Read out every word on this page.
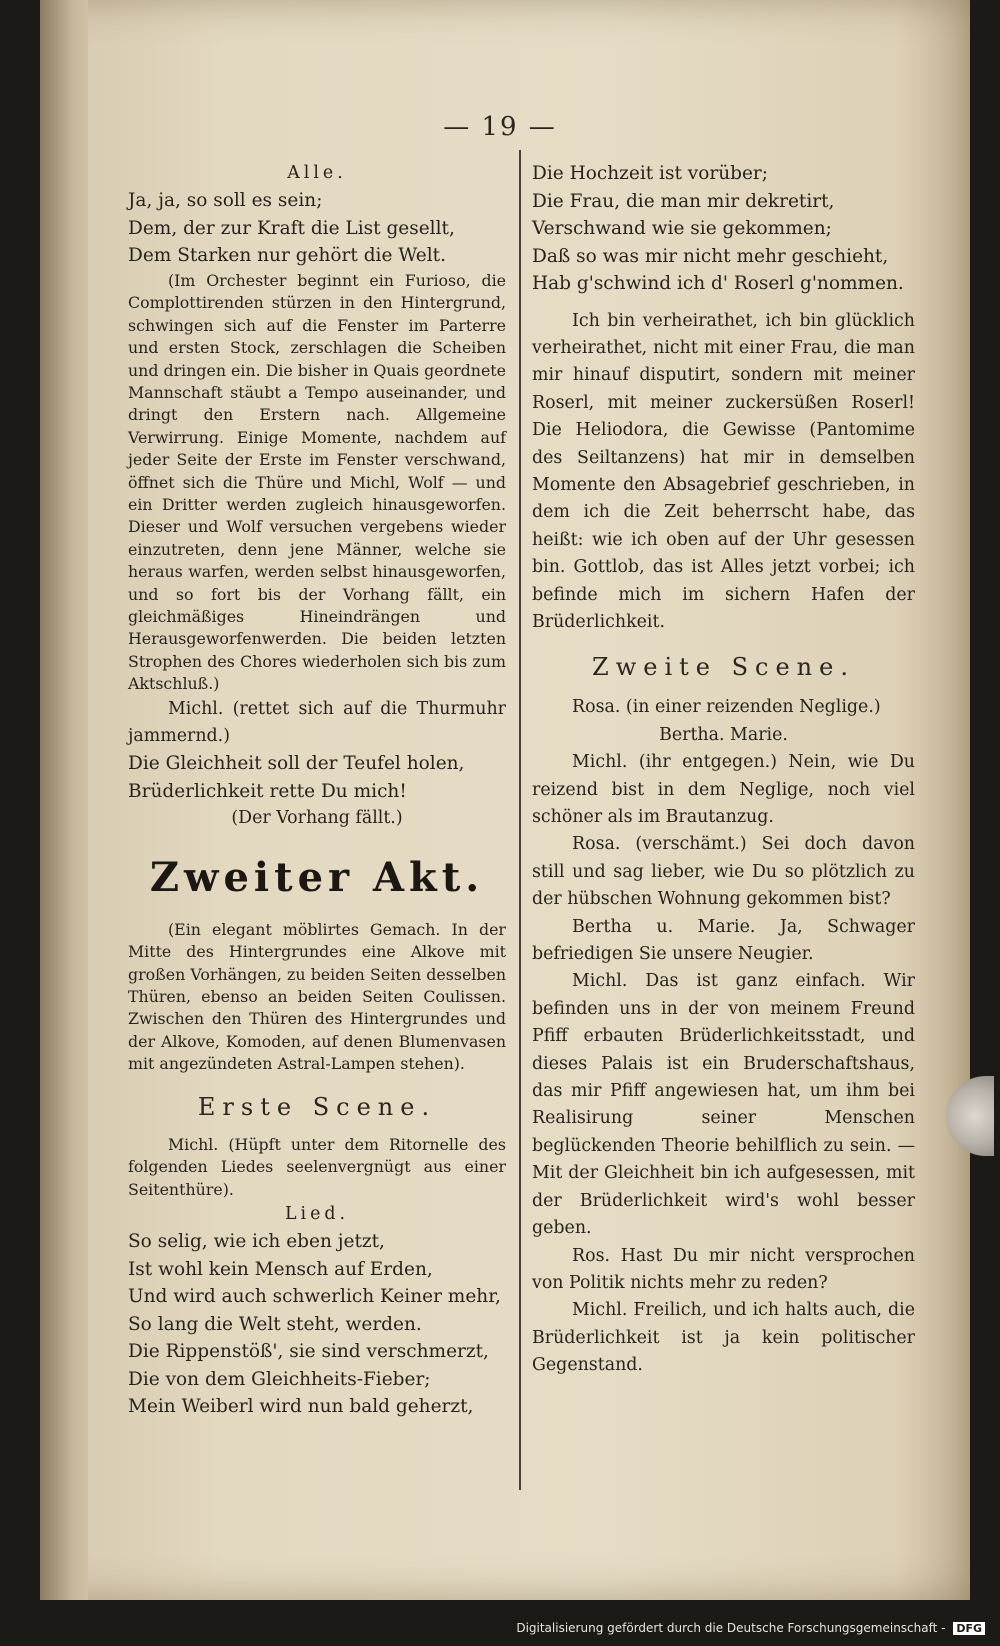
— 19 —

Alle.

Ja, ja, so soll es sein;

Dem, der zur Kraft die List gesellt,

Dem Starken nur gehört die Welt.

(Im Orchester beginnt ein Furioso, die Complottirenden stürzen in den Hintergrund, schwingen sich auf die Fenster im Parterre und ersten Stock, zerschlagen die Scheiben und dringen ein. Die bisher in Quais geordnete Mannschaft stäubt a Tempo auseinander, und dringt den Erstern nach. Allgemeine Verwirrung. Einige Momente, nachdem auf jeder Seite der Erste im Fenster verschwand, öffnet sich die Thüre und Michl, Wolf — und ein Dritter werden zugleich hinausgeworfen. Dieser und Wolf versuchen vergebens wieder einzutreten, denn jene Männer, welche sie heraus warfen, werden selbst hinausgeworfen, und so fort bis der Vorhang fällt, ein gleichmäßiges Hineindrängen und Herausgeworfenwerden. Die beiden letzten Strophen des Chores wiederholen sich bis zum Aktschluß.)

Michl. (rettet sich auf die Thurmuhr jammernd.)

Die Gleichheit soll der Teufel holen,

Brüderlichkeit rette Du mich!

(Der Vorhang fällt.)

Zweiter Akt.

(Ein elegant möblirtes Gemach. In der Mitte des Hintergrundes eine Alkove mit großen Vorhängen, zu beiden Seiten desselben Thüren, ebenso an beiden Seiten Coulissen. Zwischen den Thüren des Hintergrundes und der Alkove, Komoden, auf denen Blumenvasen mit angezündeten Astral-Lampen stehen).

Erste Scene.

Michl. (Hüpft unter dem Ritornelle des folgenden Liedes seelenvergnügt aus einer Seitenthüre).

Lied.

So selig, wie ich eben jetzt,

Ist wohl kein Mensch auf Erden,

Und wird auch schwerlich Keiner mehr,

So lang die Welt steht, werden.

Die Rippenstöß', sie sind verschmerzt,

Die von dem Gleichheits-Fieber;

Mein Weiberl wird nun bald geherzt,

Die Hochzeit ist vorüber;

Die Frau, die man mir dekretirt,

Verschwand wie sie gekommen;

Daß so was mir nicht mehr geschieht,

Hab g'schwind ich d' Roserl g'nommen.

Ich bin verheirathet, ich bin glücklich verheirathet, nicht mit einer Frau, die man mir hinauf disputirt, sondern mit meiner Roserl, mit meiner zuckersüßen Roserl! Die Heliodora, die Gewisse (Pantomime des Seiltanzens) hat mir in demselben Momente den Absagebrief geschrieben, in dem ich die Zeit beherrscht habe, das heißt: wie ich oben auf der Uhr gesessen bin. Gottlob, das ist Alles jetzt vorbei; ich befinde mich im sichern Hafen der Brüderlichkeit.

Zweite Scene.

Rosa. (in einer reizenden Neglige.)

Bertha. Marie.

Michl. (ihr entgegen.) Nein, wie Du reizend bist in dem Neglige, noch viel schöner als im Brautanzug.

Rosa. (verschämt.) Sei doch davon still und sag lieber, wie Du so plötzlich zu der hübschen Wohnung gekommen bist?

Bertha u. Marie. Ja, Schwager befriedigen Sie unsere Neugier.

Michl. Das ist ganz einfach. Wir befinden uns in der von meinem Freund Pfiff erbauten Brüderlichkeitsstadt, und dieses Palais ist ein Bruderschaftshaus, das mir Pfiff angewiesen hat, um ihm bei Realisirung seiner Menschen beglückenden Theorie behilflich zu sein. — Mit der Gleichheit bin ich aufgesessen, mit der Brüderlichkeit wird's wohl besser geben.

Ros. Hast Du mir nicht versprochen von Politik nichts mehr zu reden?

Michl. Freilich, und ich halts auch, die Brüderlichkeit ist ja kein politischer Gegenstand.

Digitalisierung gefördert durch die Deutsche Forschungsgemeinschaft - DFG
